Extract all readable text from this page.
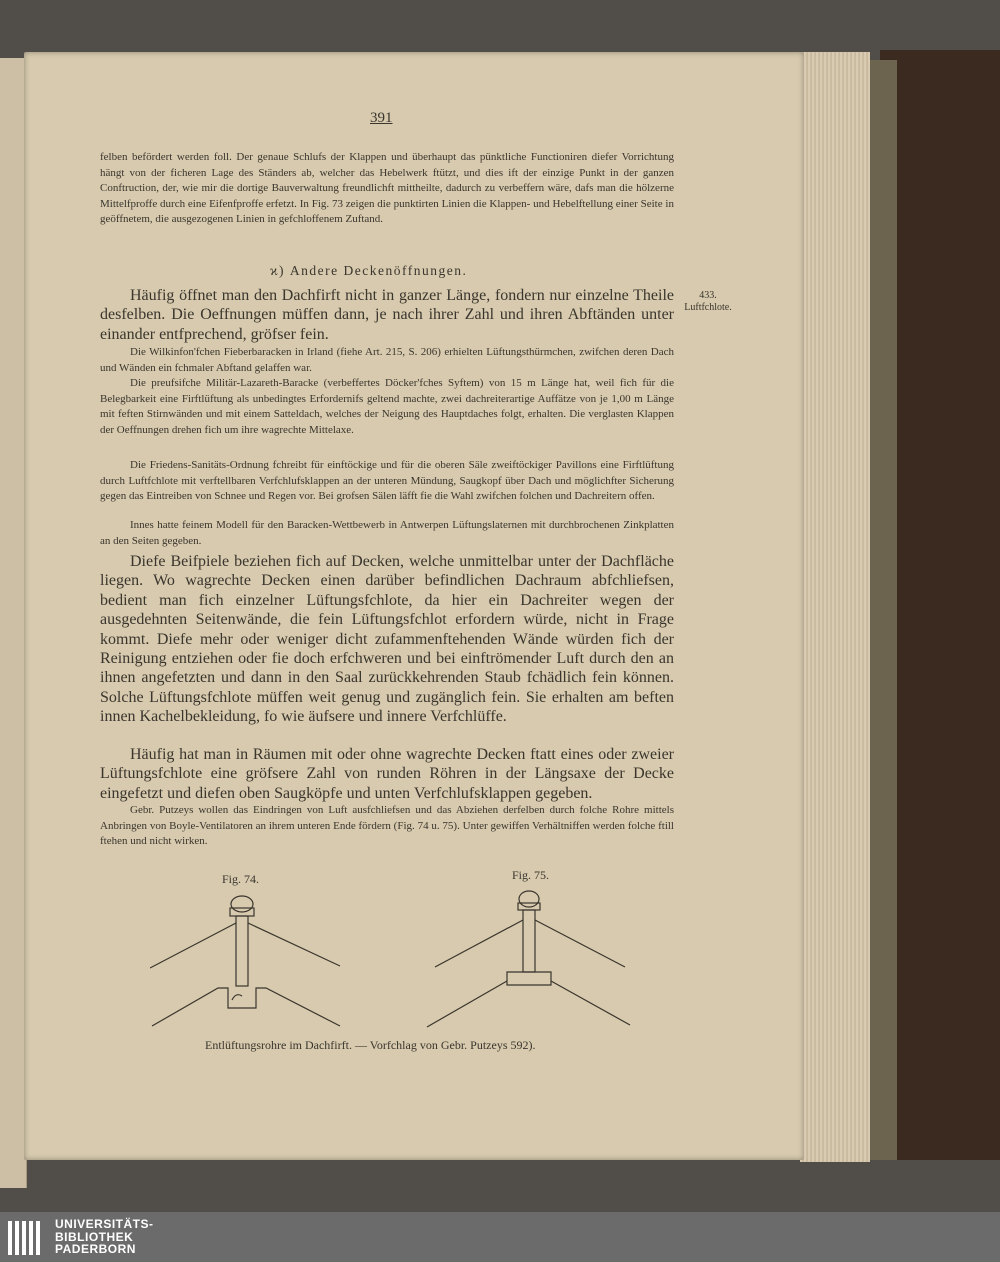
391

felben befördert werden foll. Der genaue Schlufs der Klappen und überhaupt das pünktliche Functioniren diefer Vorrichtung hängt von der ficheren Lage des Ständers ab, welcher das Hebelwerk ftützt, und dies ift der einzige Punkt in der ganzen Conftruction, der, wie mir die dortige Bauverwaltung freundlichft mittheilte, dadurch zu verbeffern wäre, dafs man die hölzerne Mittelfproffe durch eine Eifenfproffe erfetzt. In Fig. 73 zeigen die punktirten Linien die Klappen- und Hebelftellung einer Seite in geöffnetem, die ausgezogenen Linien in gefchloffenem Zuftand.

ϰ) Andere Deckenöffnungen.
433.
Luftfchlote.

Häufig öffnet man den Dachfirft nicht in ganzer Länge, fondern nur einzelne Theile desfelben. Die Oeffnungen müffen dann, je nach ihrer Zahl und ihren Abftänden unter einander entfprechend, gröfser fein.

Die Wilkinfon'fchen Fieberbaracken in Irland (fiehe Art. 215, S. 206) erhielten Lüftungsthürmchen, zwifchen deren Dach und Wänden ein fchmaler Abftand gelaffen war.

Die preufsifche Militär-Lazareth-Baracke (verbeffertes Döcker'fches Syftem) von 15 m Länge hat, weil fich für die Belegbarkeit eine Firftlüftung als unbedingtes Erfordernifs geltend machte, zwei dachreiterartige Auffätze von je 1,00 m Länge mit feften Stirnwänden und mit einem Satteldach, welches der Neigung des Hauptdaches folgt, erhalten. Die verglasten Klappen der Oeffnungen drehen fich um ihre wagrechte Mittelaxe.

Die Friedens-Sanitäts-Ordnung fchreibt für einftöckige und für die oberen Säle zweiftöckiger Pavillons eine Firftlüftung durch Luftfchlote mit verftellbaren Verfchlufsklappen an der unteren Mündung, Saugkopf über Dach und möglichfter Sicherung gegen das Eintreiben von Schnee und Regen vor. Bei grofsen Sälen läfft fie die Wahl zwifchen folchen und Dachreitern offen.

Innes hatte feinem Modell für den Baracken-Wettbewerb in Antwerpen Lüftungslaternen mit durchbrochenen Zinkplatten an den Seiten gegeben.

Diefe Beifpiele beziehen fich auf Decken, welche unmittelbar unter der Dachfläche liegen. Wo wagrechte Decken einen darüber befindlichen Dachraum abfchliefsen, bedient man fich einzelner Lüftungsfchlote, da hier ein Dachreiter wegen der ausgedehnten Seitenwände, die fein Lüftungsfchlot erfordern würde, nicht in Frage kommt. Diefe mehr oder weniger dicht zufammenftehenden Wände würden fich der Reinigung entziehen oder fie doch erfchweren und bei einftrömender Luft durch den an ihnen angefetzten und dann in den Saal zurückkehrenden Staub fchädlich fein können. Solche Lüftungsfchlote müffen weit genug und zugänglich fein. Sie erhalten am beften innen Kachelbekleidung, fo wie äufsere und innere Verfchlüffe.

Häufig hat man in Räumen mit oder ohne wagrechte Decken ftatt eines oder zweier Lüftungsfchlote eine gröfsere Zahl von runden Röhren in der Längsaxe der Decke eingefetzt und diefen oben Saugköpfe und unten Verfchlufsklappen gegeben.

Gebr. Putzeys wollen das Eindringen von Luft ausfchliefsen und das Abziehen derfelben durch folche Rohre mittels Anbringen von Boyle-Ventilatoren an ihrem unteren Ende fördern (Fig. 74 u. 75). Unter gewiffen Verhältniffen werden folche ftill ftehen und nicht wirken.

Fig. 74.	Fig. 75.
Entlüftungsrohre im Dachfirft. — Vorfchlag von Gebr. Putzeys 592).
UNIVERSITÄTS-
BIBLIOTHEK
PADERBORN
